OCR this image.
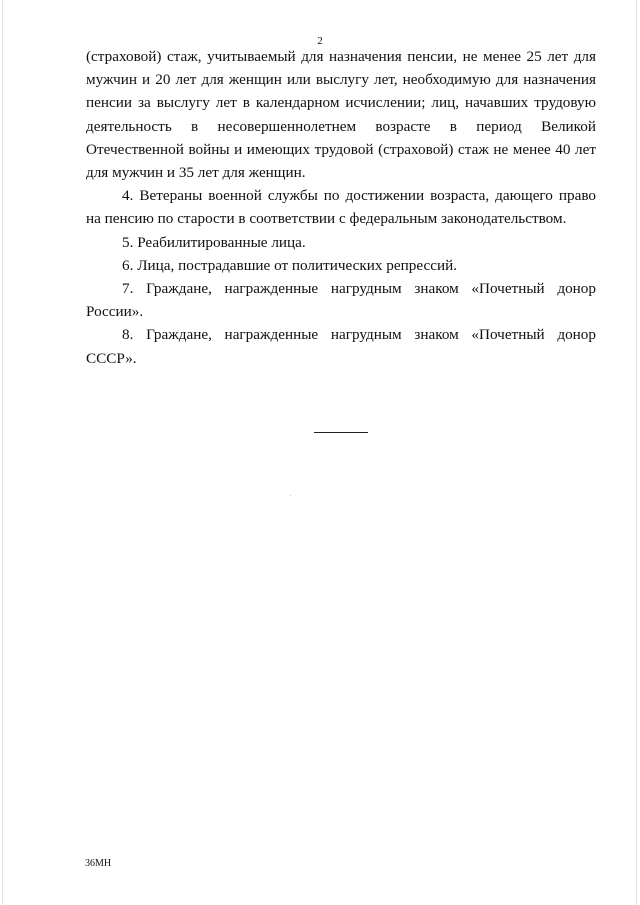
2

(страховой) стаж, учитываемый для назначения пенсии, не менее 25 лет для мужчин и 20 лет для женщин или выслугу лет, необходимую для назначения пенсии за выслугу лет в календарном исчислении; лиц, начавших трудовую деятельность в несовершеннолетнем возрасте в период Великой Отечественной войны и имеющих трудовой (страховой) стаж не менее 40 лет для мужчин и 35 лет для женщин.

4. Ветераны военной службы по достижении возраста, дающего право на пенсию по старости в соответствии с федеральным законодательством.

5. Реабилитированные лица.

6. Лица, пострадавшие от политических репрессий.

7. Граждане, награжденные нагрудным знаком «Почетный донор России».

8. Граждане, награжденные нагрудным знаком «Почетный донор СССР».

36МН
